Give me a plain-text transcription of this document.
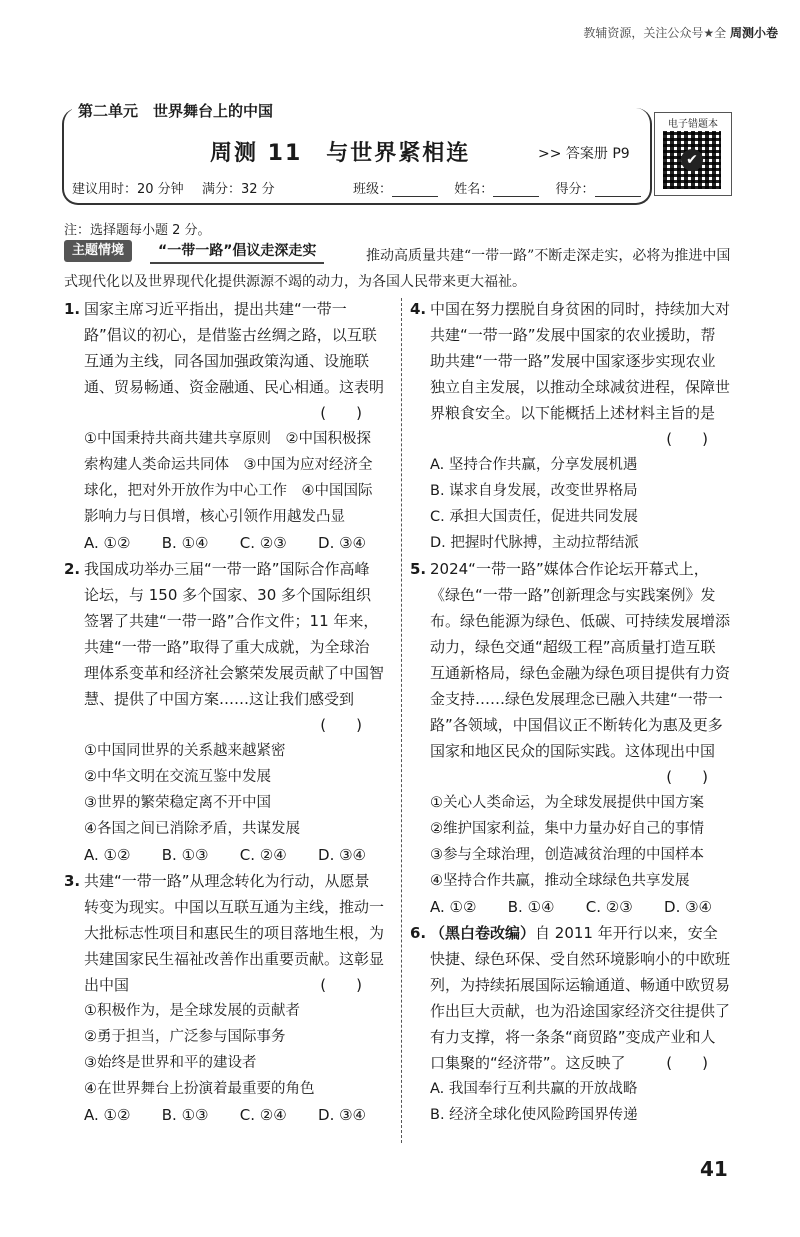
教辅资源，关注公众号★全 周测小卷
第二单元　世界舞台上的中国
周测 11　与世界紧相连	>> 答案册 P9
建议用时：20 分钟 满分：32 分	班级：	姓名：	得分：
电子错题本
✔
注：选择题每小题 2 分。
推动高质量共建“一带一路”不断走深走实，必将为推进中国式现代化以及世界现代化提供源源不竭的动力，为各国人民带来更大福祉。
主题情境	“一带一路”倡议走深走实
1. 国家主席习近平指出，提出共建“一带一路”倡议的初心，是借鉴古丝绸之路，以互联互通为主线，同各国加强政策沟通、设施联通、贸易畅通、资金融通、民心相通。这表明
(　　)
①中国秉持共商共建共享原则　②中国积极探索构建人类命运共同体　③中国为应对经济全球化，把对外开放作为中心工作　④中国国际影响力与日俱增，核心引领作用越发凸显
A. ①② B. ①④ C. ②③ D. ③④
2. 我国成功举办三届“一带一路”国际合作高峰论坛，与 150 多个国家、30 多个国际组织签署了共建“一带一路”合作文件；11 年来，共建“一带一路”取得了重大成就，为全球治理体系变革和经济社会繁荣发展贡献了中国智慧、提供了中国方案……这让我们感受到
(　　)
①中国同世界的关系越来越紧密
②中华文明在交流互鉴中发展
③世界的繁荣稳定离不开中国
④各国之间已消除矛盾，共谋发展
A. ①② B. ①③ C. ②④ D. ③④
3. 共建“一带一路”从理念转化为行动，从愿景转变为现实。中国以互联互通为主线，推动一大批标志性项目和惠民生的项目落地生根，为共建国家民生福祉改善作出重要贡献。这彰显出中国	(　　)
①积极作为，是全球发展的贡献者
②勇于担当，广泛参与国际事务
③始终是世界和平的建设者
④在世界舞台上扮演着最重要的角色
A. ①② B. ①③ C. ②④ D. ③④
4. 中国在努力摆脱自身贫困的同时，持续加大对共建“一带一路”发展中国家的农业援助，帮助共建“一带一路”发展中国家逐步实现农业独立自主发展，以推动全球减贫进程，保障世界粮食安全。以下能概括上述材料主旨的是
(　　)
A. 坚持合作共赢，分享发展机遇
B. 谋求自身发展，改变世界格局
C. 承担大国责任，促进共同发展
D. 把握时代脉搏，主动拉帮结派
5. 2024“一带一路”媒体合作论坛开幕式上，《绿色“一带一路”创新理念与实践案例》发布。绿色能源为绿色、低碳、可持续发展增添动力，绿色交通“超级工程”高质量打造互联互通新格局，绿色金融为绿色项目提供有力资金支持……绿色发展理念已融入共建“一带一路”各领域，中国倡议正不断转化为惠及更多国家和地区民众的国际实践。这体现出中国
(　　)
①关心人类命运，为全球发展提供中国方案
②维护国家利益，集中力量办好自己的事情
③参与全球治理，创造减贫治理的中国样本
④坚持合作共赢，推动全球绿色共享发展
A. ①② B. ①④ C. ②③ D. ③④
6. （黑白卷改编）自 2011 年开行以来，安全快捷、绿色环保、受自然环境影响小的中欧班列，为持续拓展国际运输通道、畅通中欧贸易作出巨大贡献，也为沿途国家经济交往提供了有力支撑，将一条条“商贸路”变成产业和人口集聚的“经济带”。这反映了	(　　)
A. 我国奉行互利共赢的开放战略
B. 经济全球化使风险跨国界传递
41
